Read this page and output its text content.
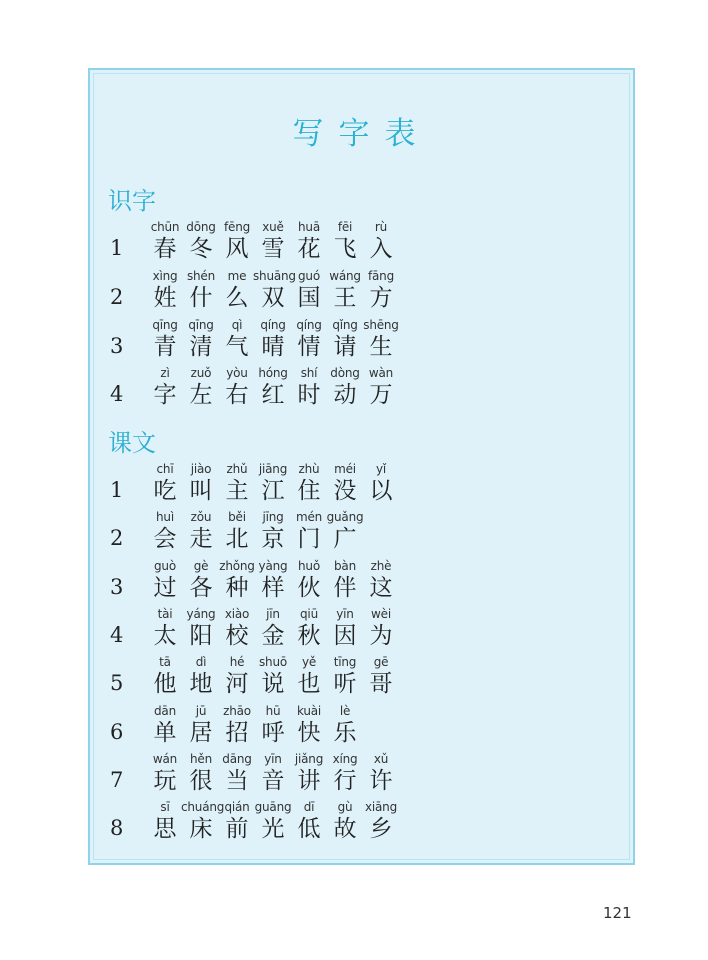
写字表
识字
1
chūn
春
dōng
冬
fēng
风
xuě
雪
huā
花
fēi
飞
rù
入
2
xìng
姓
shén
什
me
么
shuāng
双
guó
国
wáng
王
fāng
方
3
qīng
青
qīng
清
qì
气
qíng
晴
qíng
情
qǐng
请
shēng
生
4
zì
字
zuǒ
左
yòu
右
hóng
红
shí
时
dòng
动
wàn
万
课文
1
chī
吃
jiào
叫
zhǔ
主
jiāng
江
zhù
住
méi
没
yǐ
以
2
huì
会
zǒu
走
běi
北
jīng
京
mén
门
guǎng
广
3
guò
过
gè
各
zhǒng
种
yàng
样
huǒ
伙
bàn
伴
zhè
这
4
tài
太
yáng
阳
xiào
校
jīn
金
qiū
秋
yīn
因
wèi
为
5
tā
他
dì
地
hé
河
shuō
说
yě
也
tīng
听
gē
哥
6
dān
单
jū
居
zhāo
招
hū
呼
kuài
快
lè
乐
7
wán
玩
hěn
很
dāng
当
yīn
音
jiǎng
讲
xíng
行
xǔ
许
8
sī
思
chuáng
床
qián
前
guāng
光
dī
低
gù
故
xiāng
乡
121
